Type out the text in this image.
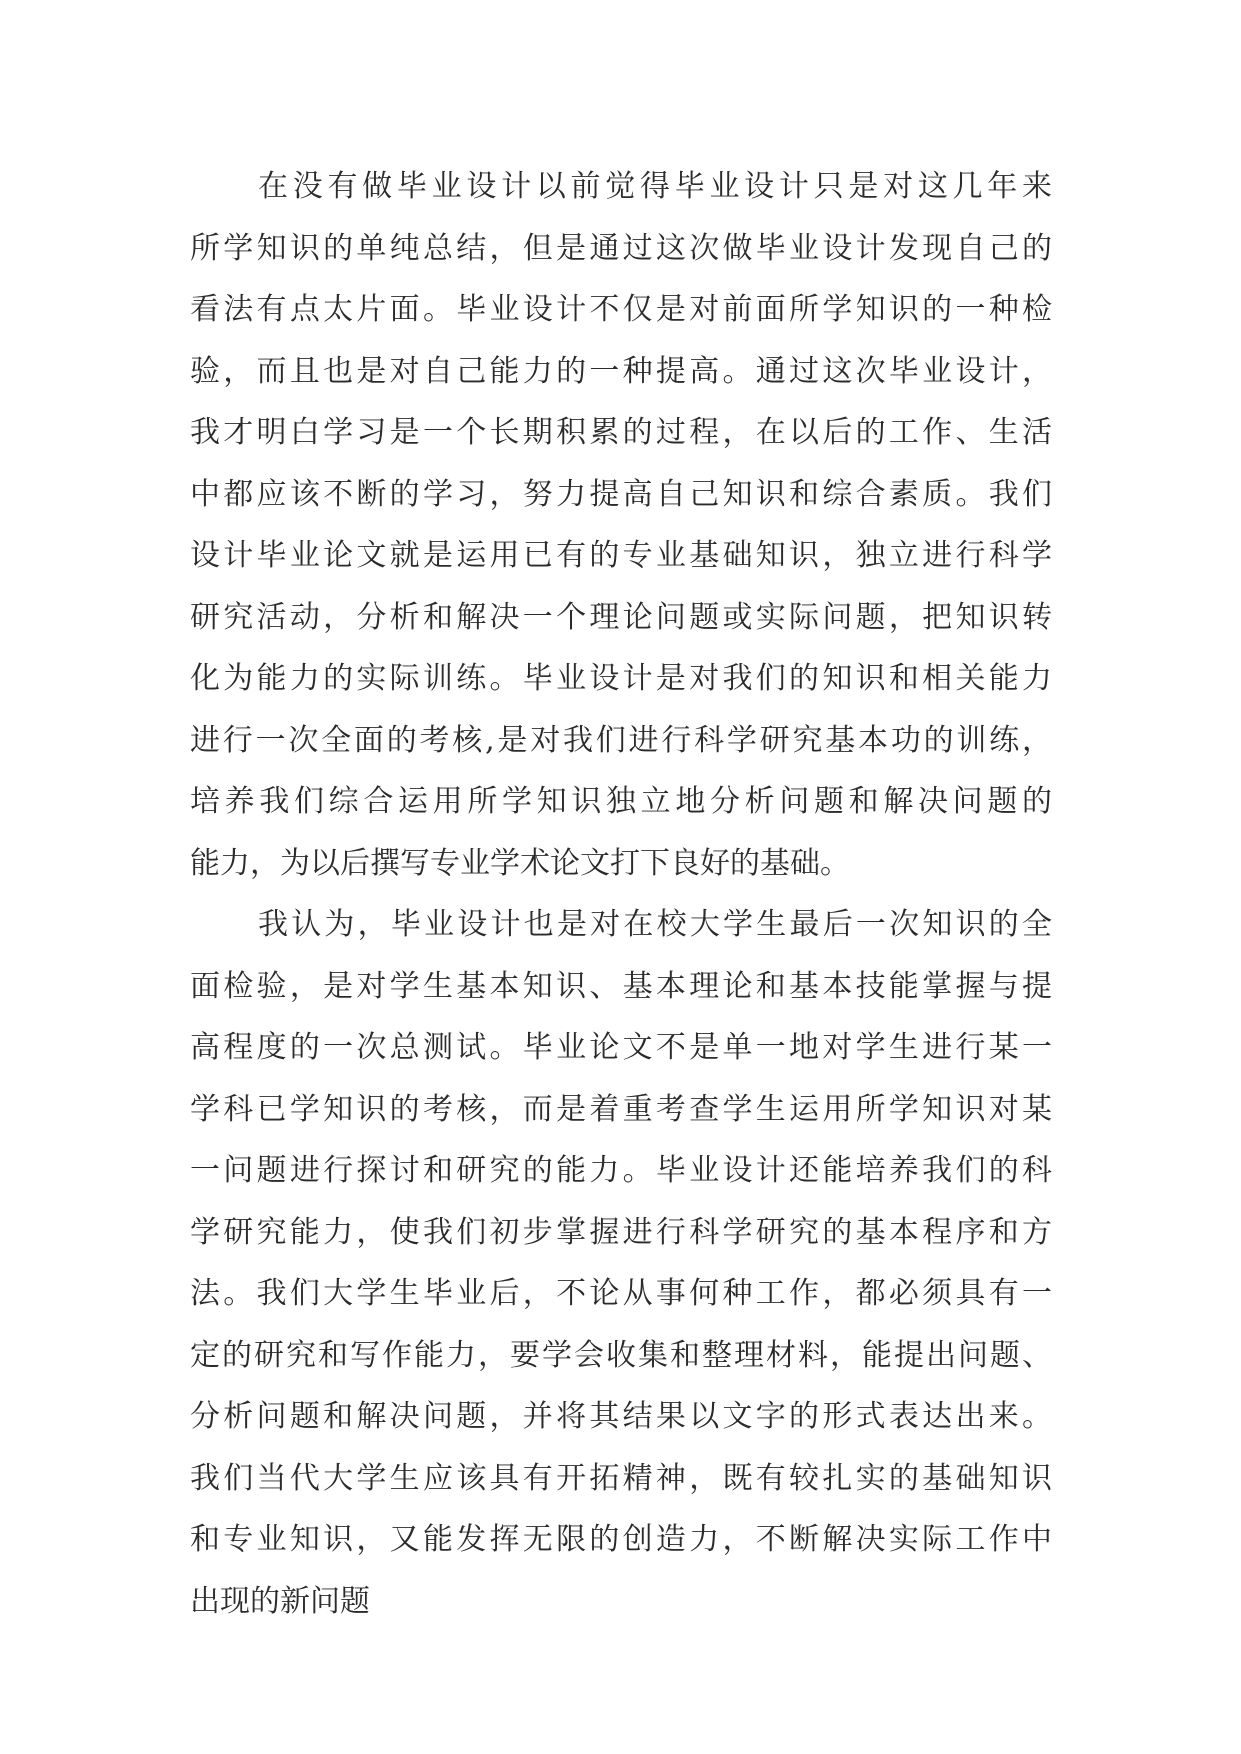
在没有做毕业设计以前觉得毕业设计只是对这几年来
所学知识的单纯总结，但是通过这次做毕业设计发现自己的
看法有点太片面。毕业设计不仅是对前面所学知识的一种检
验，而且也是对自己能力的一种提高。通过这次毕业设计，
我才明白学习是一个长期积累的过程，在以后的工作、生活
中都应该不断的学习，努力提高自己知识和综合素质。我们
设计毕业论文就是运用已有的专业基础知识，独立进行科学
研究活动，分析和解决一个理论问题或实际问题，把知识转
化为能力的实际训练。毕业设计是对我们的知识和相关能力
进行一次全面的考核,是对我们进行科学研究基本功的训练，
培养我们综合运用所学知识独立地分析问题和解决问题的
能力，为以后撰写专业学术论文打下良好的基础。
我认为，毕业设计也是对在校大学生最后一次知识的全
面检验，是对学生基本知识、基本理论和基本技能掌握与提
高程度的一次总测试。毕业论文不是单一地对学生进行某一
学科已学知识的考核，而是着重考查学生运用所学知识对某
一问题进行探讨和研究的能力。毕业设计还能培养我们的科
学研究能力，使我们初步掌握进行科学研究的基本程序和方
法。我们大学生毕业后，不论从事何种工作，都必须具有一
定的研究和写作能力，要学会收集和整理材料，能提出问题、
分析问题和解决问题，并将其结果以文字的形式表达出来。
我们当代大学生应该具有开拓精神，既有较扎实的基础知识
和专业知识，又能发挥无限的创造力，不断解决实际工作中
出现的新问题
